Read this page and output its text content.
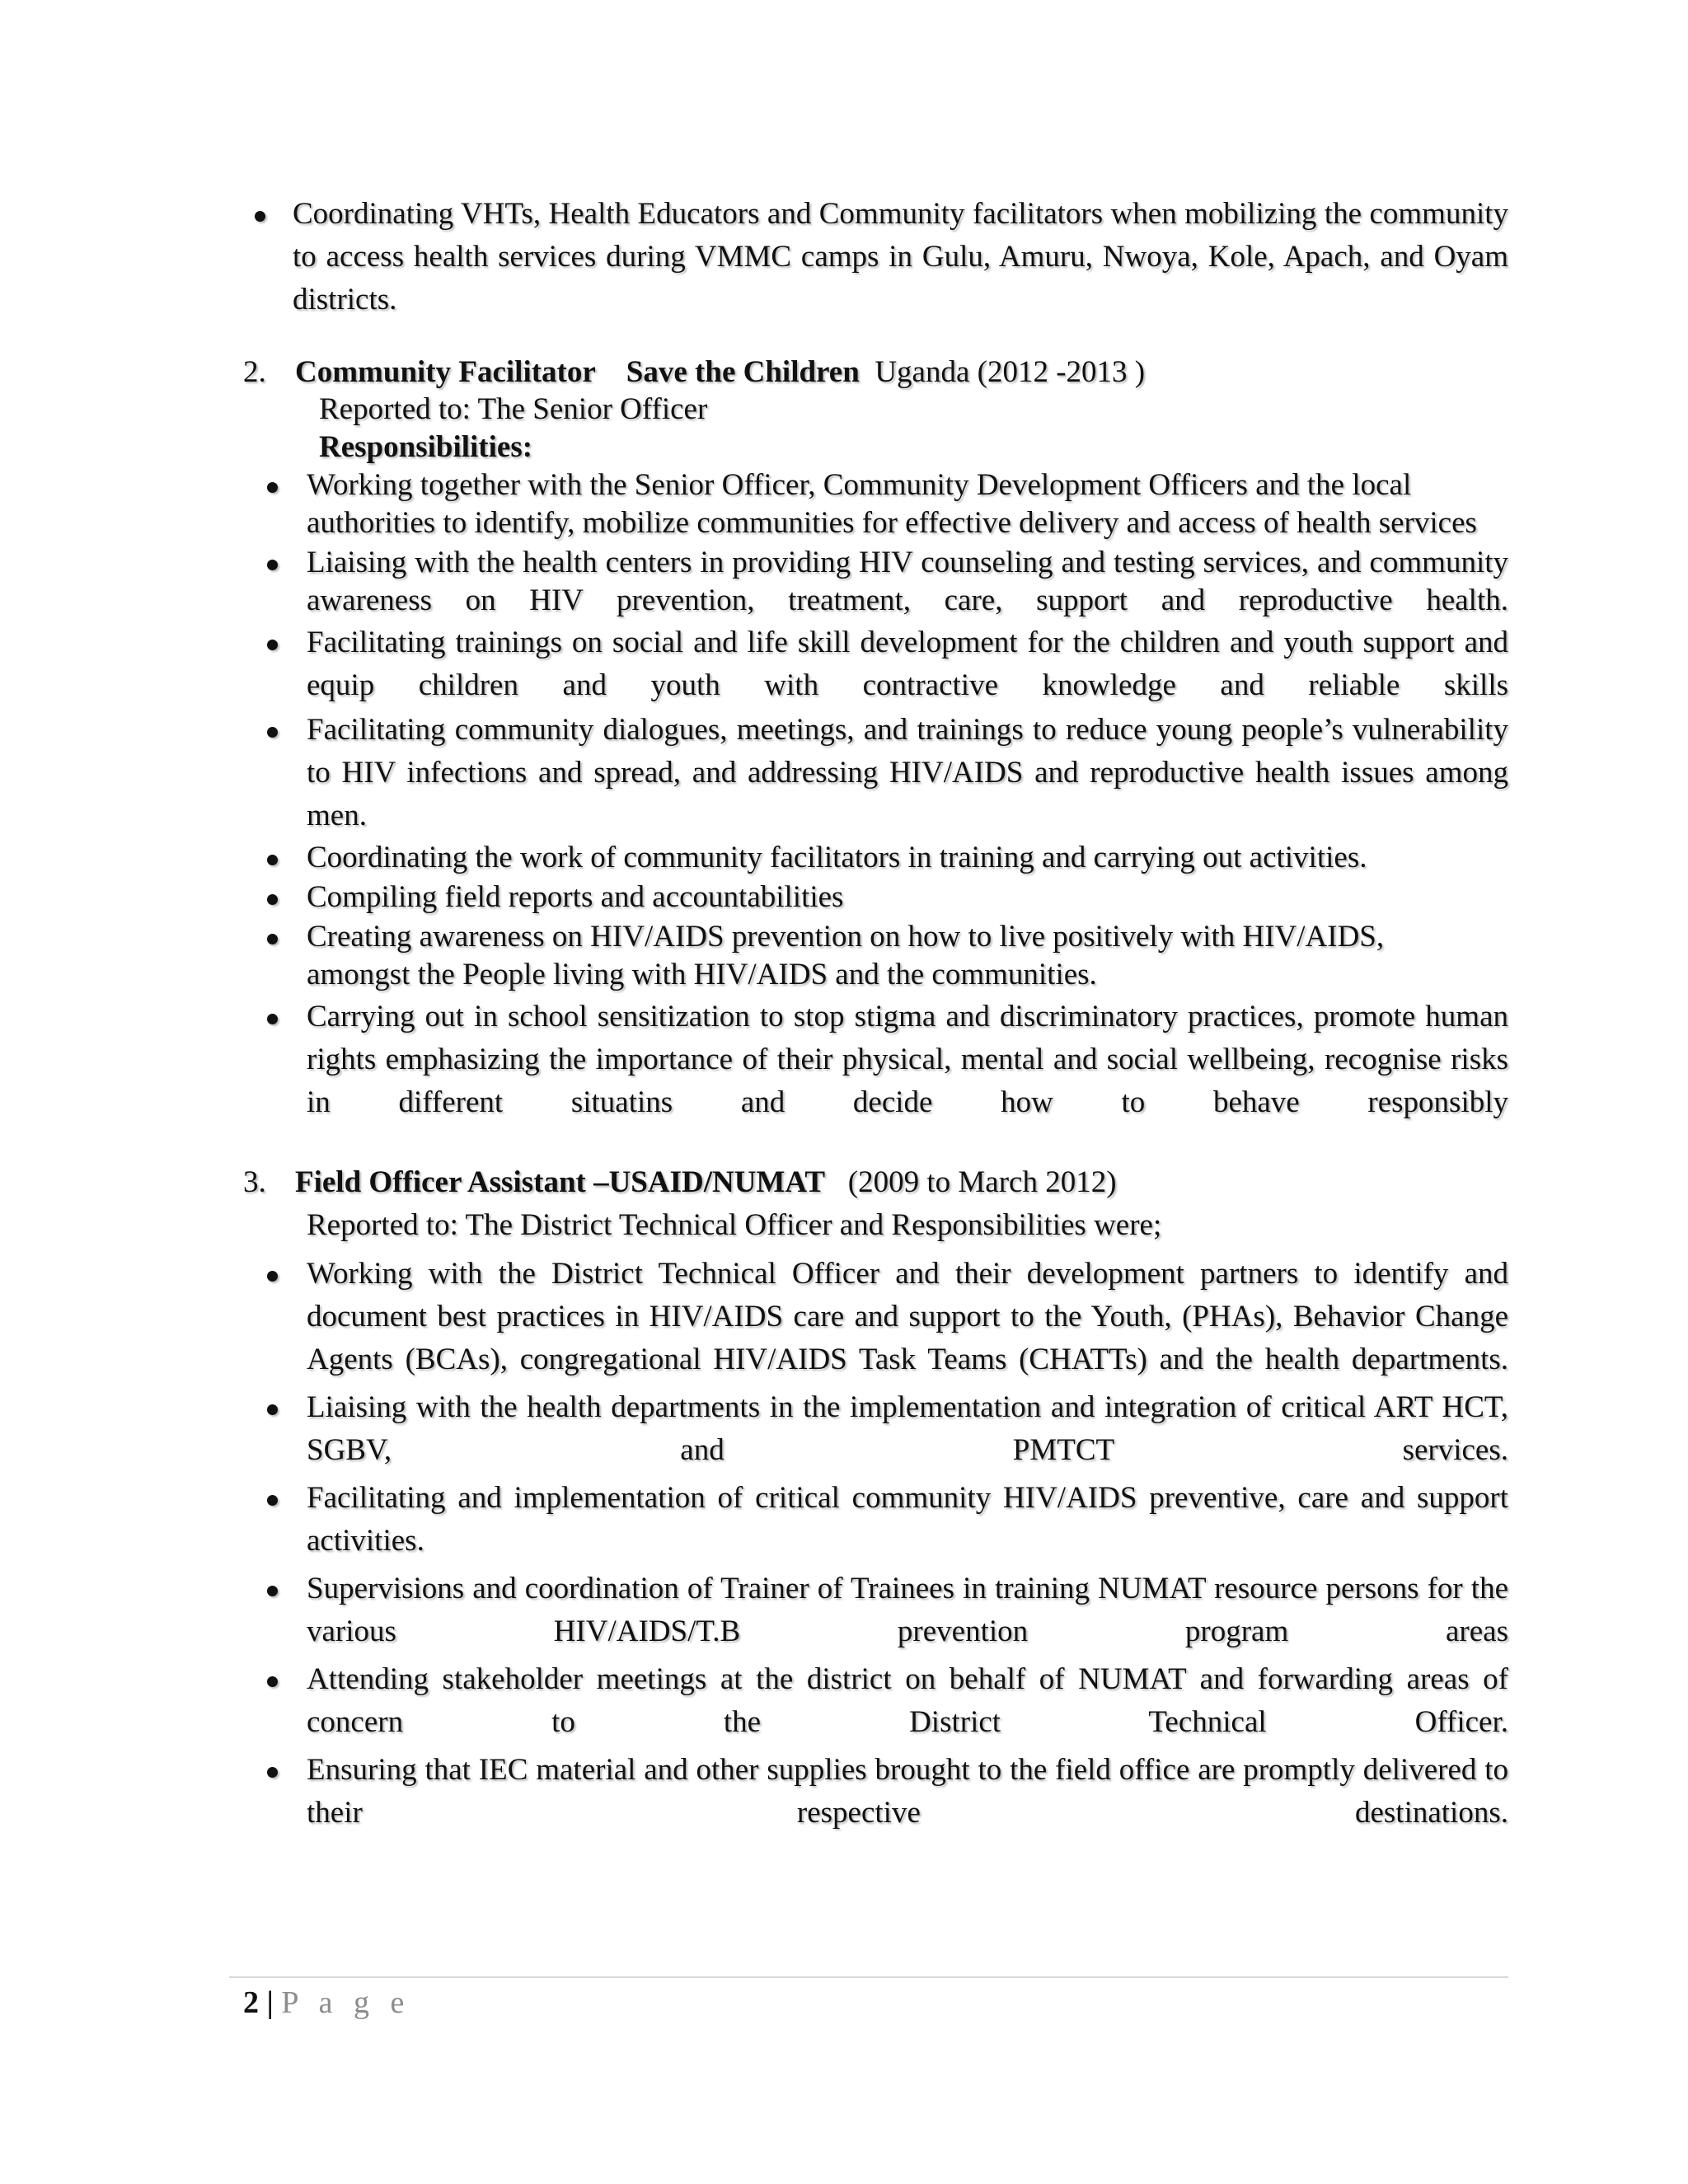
Coordinating VHTs, Health Educators and Community facilitators when mobilizing the community to access health services during VMMC camps in Gulu, Amuru, Nwoya, Kole, Apach, and Oyam districts.

2. Community Facilitator Save the Children Uganda (2012 -2013 )
Reported to: The Senior Officer
Responsibilities:

Working together with the Senior Officer, Community Development Officers and the local authorities to identify, mobilize communities for effective delivery and access of health services

Liaising with the health centers in providing HIV counseling and testing services, and community awareness on HIV prevention, treatment, care, support and reproductive health.

Facilitating trainings on social and life skill development for the children and youth support and equip children and youth with contractive knowledge and reliable skills

Facilitating community dialogues, meetings, and trainings to reduce young people’s vulnerability to HIV infections and spread, and addressing HIV/AIDS and reproductive health issues among men.

Coordinating the work of community facilitators in training and carrying out activities.

Compiling field reports and accountabilities

Creating awareness on HIV/AIDS prevention on how to live positively with HIV/AIDS, amongst the People living with HIV/AIDS and the communities.

Carrying out in school sensitization to stop stigma and discriminatory practices, promote human rights emphasizing the importance of their physical, mental and social wellbeing, recognise risks in different situatins and decide how to behave responsibly

3. Field Officer Assistant –USAID/NUMAT (2009 to March 2012)
Reported to: The District Technical Officer and Responsibilities were;

Working with the District Technical Officer and their development partners to identify and document best practices in HIV/AIDS care and support to the Youth, (PHAs), Behavior Change Agents (BCAs), congregational HIV/AIDS Task Teams (CHATTs) and the health departments.

Liaising with the health departments in the implementation and integration of critical ART HCT, SGBV, and PMTCT services.

Facilitating and implementation of critical community HIV/AIDS preventive, care and support activities.

Supervisions and coordination of Trainer of Trainees in training NUMAT resource persons for the various HIV/AIDS/T.B prevention program areas

Attending stakeholder meetings at the district on behalf of NUMAT and forwarding areas of concern to the District Technical Officer.

Ensuring that IEC material and other supplies brought to the field office are promptly delivered to their respective destinations.

2 | P a g e
